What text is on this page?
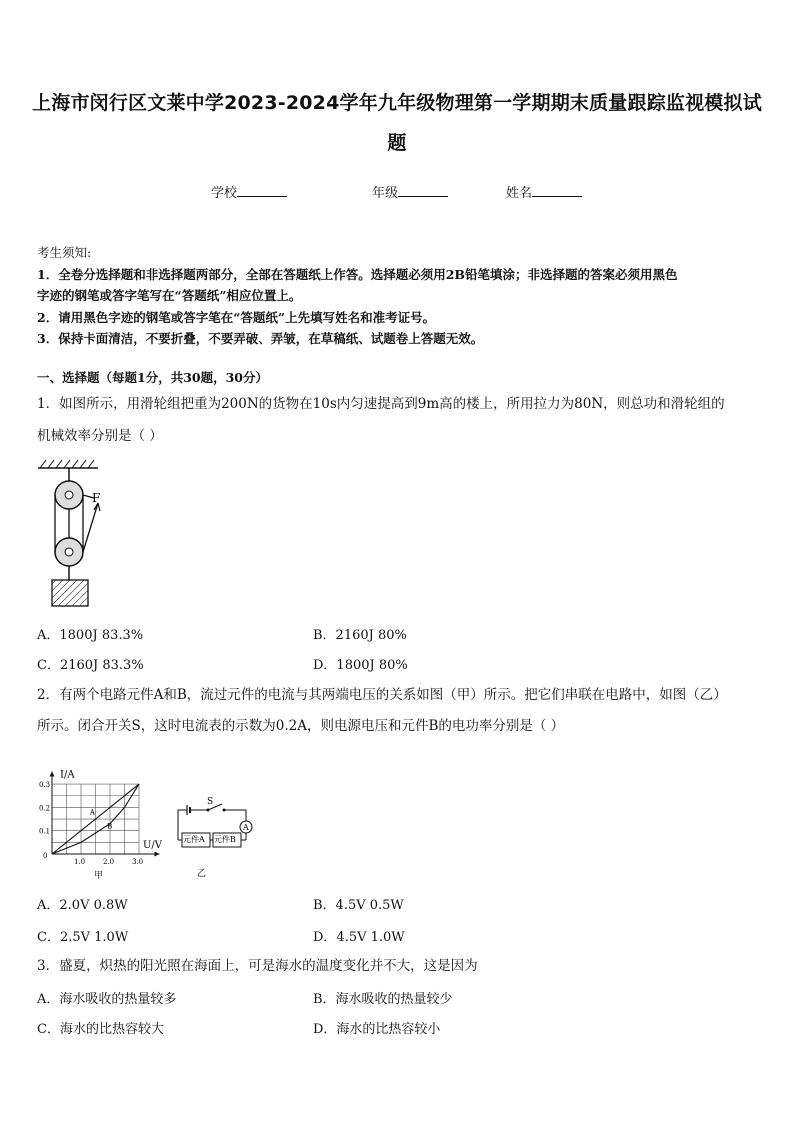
上海市闵行区文莱中学2023-2024学年九年级物理第一学期期末质量跟踪监视模拟试
题
学校	年级	姓名
考生须知:
1．全卷分选择题和非选择题两部分，全部在答题纸上作答。选择题必须用2B铅笔填涂；非选择题的答案必须用黑色
字迹的钢笔或答字笔写在“答题纸”相应位置上。
2．请用黑色字迹的钢笔或答字笔在“答题纸”上先填写姓名和准考证号。
3．保持卡面清洁，不要折叠，不要弄破、弄皱，在草稿纸、试题卷上答题无效。
一、选择题（每题1分，共30题，30分）
1．如图所示，用滑轮组把重为200N的货物在10s内匀速提高到9m高的楼上，所用拉力为80N，则总功和滑轮组的
机械效率分别是（ ）
F
A．1800J 83.3%	B．2160J 80%
C．2160J 83.3%	D．1800J 80%
2．有两个电路元件A和B，流过元件的电流与其两端电压的关系如图（甲）所示。把它们串联在电路中，如图（乙）
所示。闭合开关S，这时电流表的示数为0.2A，则电源电压和元件B的电功率分别是（ ）
I/A
U/V
0
1.0	2.0	3.0
0.1
0.2
0.3
A
B
甲
S
A
元件A 元件B
乙
A．2.0V 0.8W	B．4.5V 0.5W
C．2.5V 1.0W	D．4.5V 1.0W
3．盛夏，炽热的阳光照在海面上，可是海水的温度变化并不大，这是因为
A．海水吸收的热量较多	B．海水吸收的热量较少
C．海水的比热容较大	D．海水的比热容较小
